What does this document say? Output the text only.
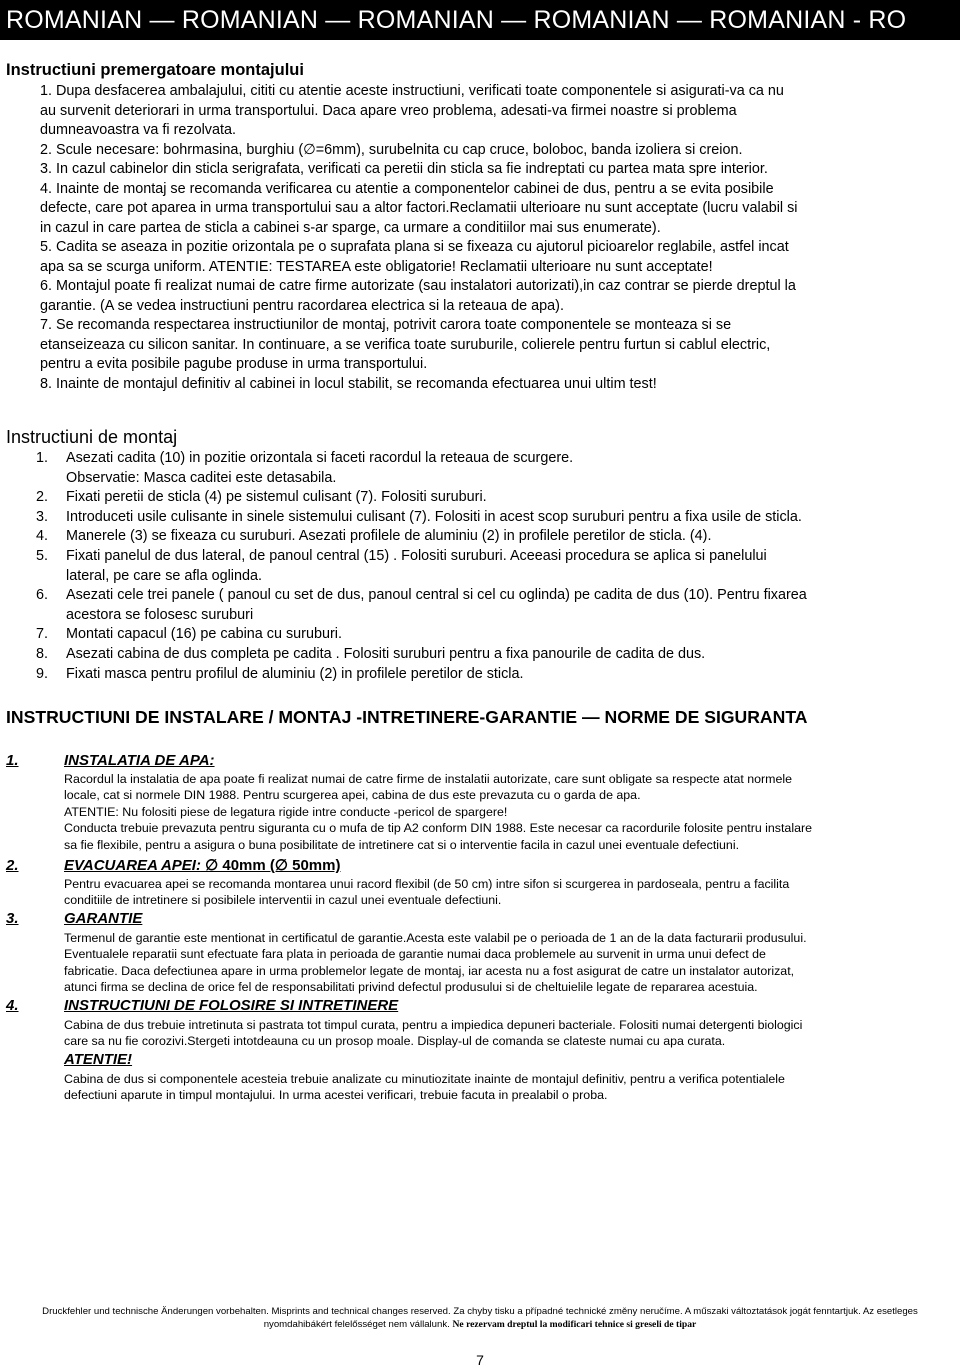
ROMANIAN — ROMANIAN — ROMANIAN — ROMANIAN — ROMANIAN - RO
Instructiuni premergatoare montajului
1. Dupa desfacerea ambalajului, cititi cu atentie aceste instructiuni, verificati toate componentele si asigurati-va ca nu
au survenit deteriorari in urma transportului. Daca apare vreo problema, adesati-va firmei noastre si problema
dumneavoastra va fi rezolvata.
2. Scule necesare: bohrmasina, burghiu (∅=6mm), surubelnita cu cap cruce, boloboc, banda izoliera si creion.
3. In cazul cabinelor din sticla serigrafata, verificati ca peretii din sticla sa fie indreptati cu partea mata spre interior.
4. Inainte de montaj se recomanda verificarea cu atentie a componentelor cabinei de dus, pentru a se evita posibile
defecte, care pot aparea in urma transportului sau a altor factori.Reclamatii ulterioare nu sunt acceptate (lucru valabil si
in cazul in care partea de sticla a cabinei s-ar sparge, ca urmare a conditiilor mai sus enumerate).
5. Cadita se aseaza in pozitie orizontala pe o suprafata plana si se fixeaza cu ajutorul picioarelor reglabile, astfel incat
apa sa se scurga uniform. ATENTIE: TESTAREA este obligatorie! Reclamatii ulterioare nu sunt acceptate!
6. Montajul poate fi realizat numai de catre firme autorizate (sau instalatori autorizati),in caz contrar se pierde dreptul la
garantie. (A se vedea instructiuni pentru racordarea electrica si la reteaua de apa).
7. Se recomanda respectarea instructiunilor de montaj, potrivit carora toate componentele se monteaza si se
etanseizeaza cu silicon sanitar. In continuare, a se verifica toate suruburile, colierele pentru furtun si cablul electric,
pentru a evita posibile pagube produse in urma transportului.
8. Inainte de montajul definitiv al cabinei in locul stabilit, se recomanda efectuarea unui ultim test!
Instructiuni de montaj
1.	Asezati cadita (10) in pozitie orizontala si faceti racordul la reteaua de scurgere.
Observatie: Masca caditei este detasabila.
2.	Fixati peretii de sticla (4) pe sistemul culisant (7). Folositi suruburi.
3.	Introduceti usile culisante in sinele sistemului culisant (7). Folositi in acest scop suruburi pentru a fixa usile de sticla.
4.	Manerele (3) se fixeaza cu suruburi. Asezati profilele de aluminiu (2) in profilele peretilor de sticla. (4).
5.	Fixati panelul de dus lateral, de panoul central (15) . Folositi suruburi. Aceeasi procedura se aplica si panelului
lateral, pe care se afla oglinda.
6.	Asezati cele trei panele ( panoul cu set de dus, panoul central si cel cu oglinda) pe cadita de dus (10). Pentru fixarea
acestora se folosesc suruburi
7.	Montati capacul (16) pe cabina cu suruburi.
8.	Asezati cabina de dus completa pe cadita . Folositi suruburi pentru a fixa panourile de cadita de dus.
9.	Fixati masca pentru profilul de aluminiu (2) in profilele peretilor de sticla.
INSTRUCTIUNI DE INSTALARE / MONTAJ -INTRETINERE-GARANTIE — NORME DE SIGURANTA
1.	INSTALATIA DE APA:
Racordul la instalatia de apa poate fi realizat numai de catre firme de instalatii autorizate, care sunt obligate sa respecte atat normele
locale, cat si normele DIN 1988. Pentru scurgerea apei, cabina de dus este prevazuta cu o garda de apa.
ATENTIE: Nu folositi piese de legatura rigide intre conducte -pericol de spargere!
Conducta trebuie prevazuta pentru siguranta cu o mufa de tip A2 conform DIN 1988. Este necesar ca racordurile folosite pentru instalare
sa fie flexibile, pentru a asigura o buna posibilitate de intretinere cat si o interventie facila in cazul unei eventuale defectiuni.
2.	EVACUAREA APEI: ∅ 40mm (∅ 50mm)
Pentru evacuarea apei se recomanda montarea unui racord flexibil (de 50 cm) intre sifon si scurgerea in pardoseala, pentru a facilita
conditiile de intretinere si posibilele interventii in cazul unei eventuale defectiuni.
3.	GARANTIE
Termenul de garantie este mentionat in certificatul de garantie.Acesta este valabil pe o perioada de 1 an de la data facturarii produsului.
Eventualele reparatii sunt efectuate fara plata in perioada de garantie numai daca problemele au survenit in urma unui defect de
fabricatie. Daca defectiunea apare in urma problemelor legate de montaj, iar acesta nu a fost asigurat de catre un instalator autorizat,
atunci firma se declina de orice fel de responsabilitati privind defectul produsului si de cheltuielile legate de repararea acestuia.
4.	INSTRUCTIUNI DE FOLOSIRE SI INTRETINERE
Cabina de dus trebuie intretinuta si pastrata tot timpul curata, pentru a impiedica depuneri bacteriale. Folositi numai detergenti biologici
care sa nu fie corozivi.Stergeti intotdeauna cu un prosop moale. Display-ul de comanda se clateste numai cu apa curata.
ATENTIE!
Cabina de dus si componentele acesteia trebuie analizate cu minutiozitate inainte de montajul definitiv, pentru a verifica potentialele
defectiuni aparute in timpul montajului. In urma acestei verificari, trebuie facuta in prealabil o proba.
Druckfehler und technische Änderungen vorbehalten. Misprints and technical changes reserved. Za chyby tisku a případné technické změny neručíme. A műszaki változtatások jogát fenntartjuk. Az esetleges
nyomdahibákért felelősséget nem vállalunk. Ne rezervam dreptul la modificari tehnice si greseli de tipar
7
